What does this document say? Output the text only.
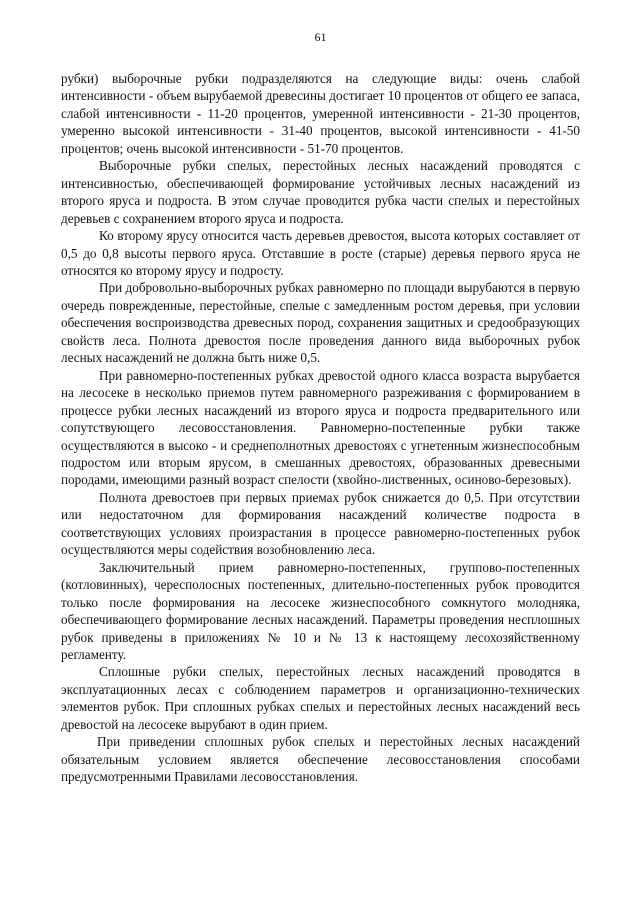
61

рубки) выборочные рубки подразделяются на следующие виды: очень слабой интенсивности - объем вырубаемой древесины достигает 10 процентов от общего ее запаса, слабой интенсивности - 11-20 процентов, умеренной интенсивности - 21-30 процентов, умеренно высокой интенсивности - 31-40 процентов, высокой интенсивности - 41-50 процентов; очень высокой интенсивности - 51-70 процентов.

Выборочные рубки спелых, перестойных лесных насаждений проводятся с интенсивностью, обеспечивающей формирование устойчивых лесных насаждений из второго яруса и подроста. В этом случае проводится рубка части спелых и перестойных деревьев с сохранением второго яруса и подроста.

Ко второму ярусу относится часть деревьев древостоя, высота которых составляет от 0,5 до 0,8 высоты первого яруса. Отставшие в росте (старые) деревья первого яруса не относятся ко второму ярусу и подросту.

При добровольно-выборочных рубках равномерно по площади вырубаются в первую очередь поврежденные, перестойные, спелые с замедленным ростом деревья, при условии обеспечения воспроизводства древесных пород, сохранения защитных и средообразующих свойств леса. Полнота древостоя после проведения данного вида выборочных рубок лесных насаждений не должна быть ниже 0,5.

При равномерно-постепенных рубках древостой одного класса возраста вырубается на лесосеке в несколько приемов путем равномерного разреживания с формированием в процессе рубки лесных насаждений из второго яруса и подроста предварительного или сопутствующего лесовосстановления. Равномерно-постепенные рубки также осуществляются в высоко - и среднеполнотных древостоях с угнетенным жизнеспособным подростом или вторым ярусом, в смешанных древостоях, образованных древесными породами, имеющими разный возраст спелости (хвойно-лиственных, осиново-березовых).

Полнота древостоев при первых приемах рубок снижается до 0,5. При отсутствии или недостаточном для формирования насаждений количестве подроста в соответствующих условиях произрастания в процессе равномерно-постепенных рубок осуществляются меры содействия возобновлению леса.

Заключительный прием равномерно-постепенных, группово-постепенных (котловинных), чересполосных постепенных, длительно-постепенных рубок проводится только после формирования на лесосеке жизнеспособного сомкнутого молодняка, обеспечивающего формирование лесных насаждений. Параметры проведения несплошных рубок приведены в приложениях № 10 и № 13 к настоящему лесохозяйственному регламенту.

Сплошные рубки спелых, перестойных лесных насаждений проводятся в эксплуатационных лесах с соблюдением параметров и организационно-технических элементов рубок. При сплошных рубках спелых и перестойных лесных насаждений весь древостой на лесосеке вырубают в один прием.

При приведении сплошных рубок спелых и перестойных лесных насаждений обязательным условием является обеспечение лесовосстановления способами предусмотренными Правилами лесовосстановления.
